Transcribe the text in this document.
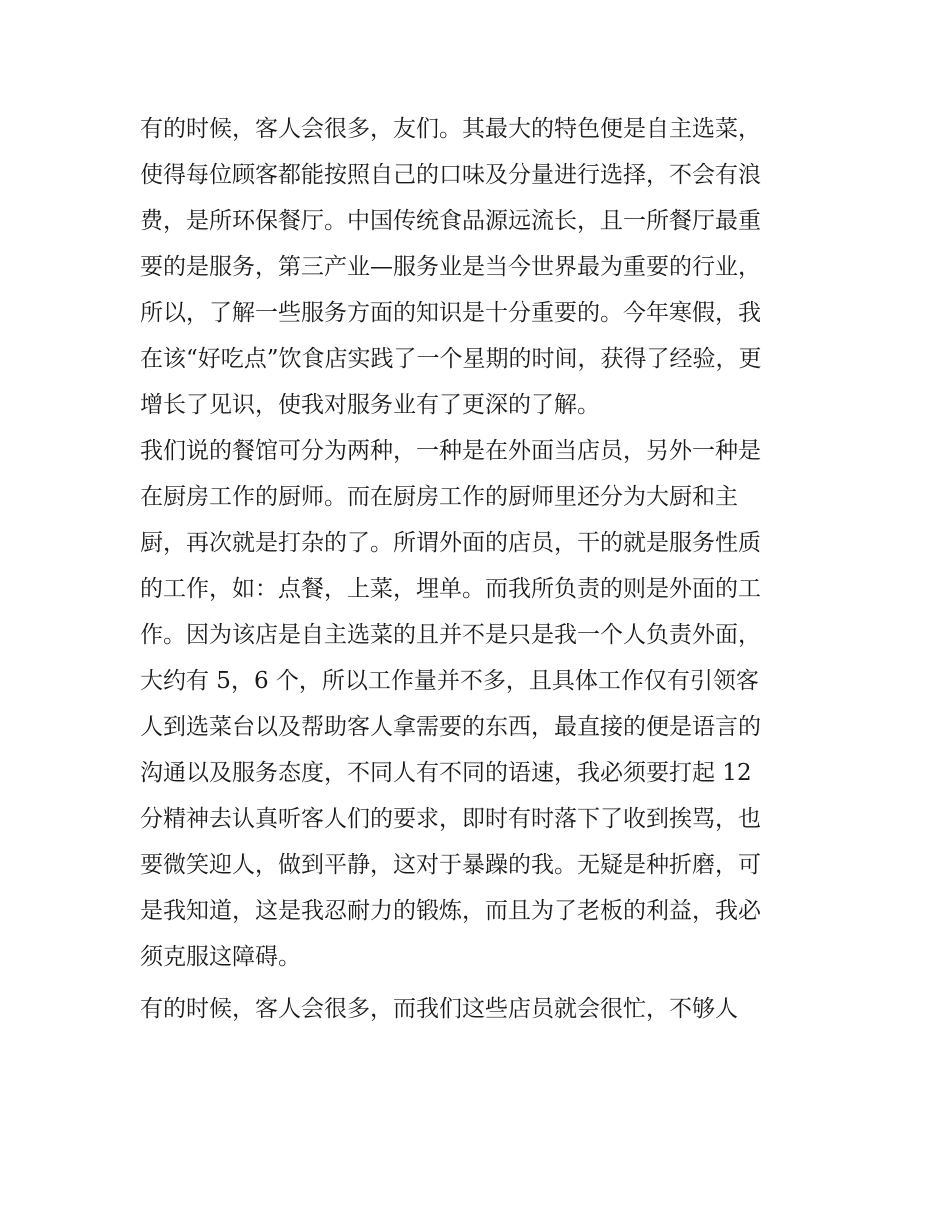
有的时候，客人会很多，友们。其最大的特色便是自主选菜，
使得每位顾客都能按照自己的口味及分量进行选择，不会有浪
费，是所环保餐厅。中国传统食品源远流长，且一所餐厅最重
要的是服务，第三产业—服务业是当今世界最为重要的行业，
所以，了解一些服务方面的知识是十分重要的。今年寒假，我
在该“好吃点”饮食店实践了一个星期的时间，获得了经验，更
增长了见识，使我对服务业有了更深的了解。
我们说的餐馆可分为两种，一种是在外面当店员，另外一种是
在厨房工作的厨师。而在厨房工作的厨师里还分为大厨和主
厨，再次就是打杂的了。所谓外面的店员，干的就是服务性质
的工作，如：点餐，上菜，埋单。而我所负责的则是外面的工
作。因为该店是自主选菜的且并不是只是我一个人负责外面，
大约有 5，6 个，所以工作量并不多，且具体工作仅有引领客
人到选菜台以及帮助客人拿需要的东西，最直接的便是语言的
沟通以及服务态度，不同人有不同的语速，我必须要打起 12
分精神去认真听客人们的要求，即时有时落下了收到挨骂，也
要微笑迎人，做到平静，这对于暴躁的我。无疑是种折磨，可
是我知道，这是我忍耐力的锻炼，而且为了老板的利益，我必
须克服这障碍。
有的时候，客人会很多，而我们这些店员就会很忙，不够人
